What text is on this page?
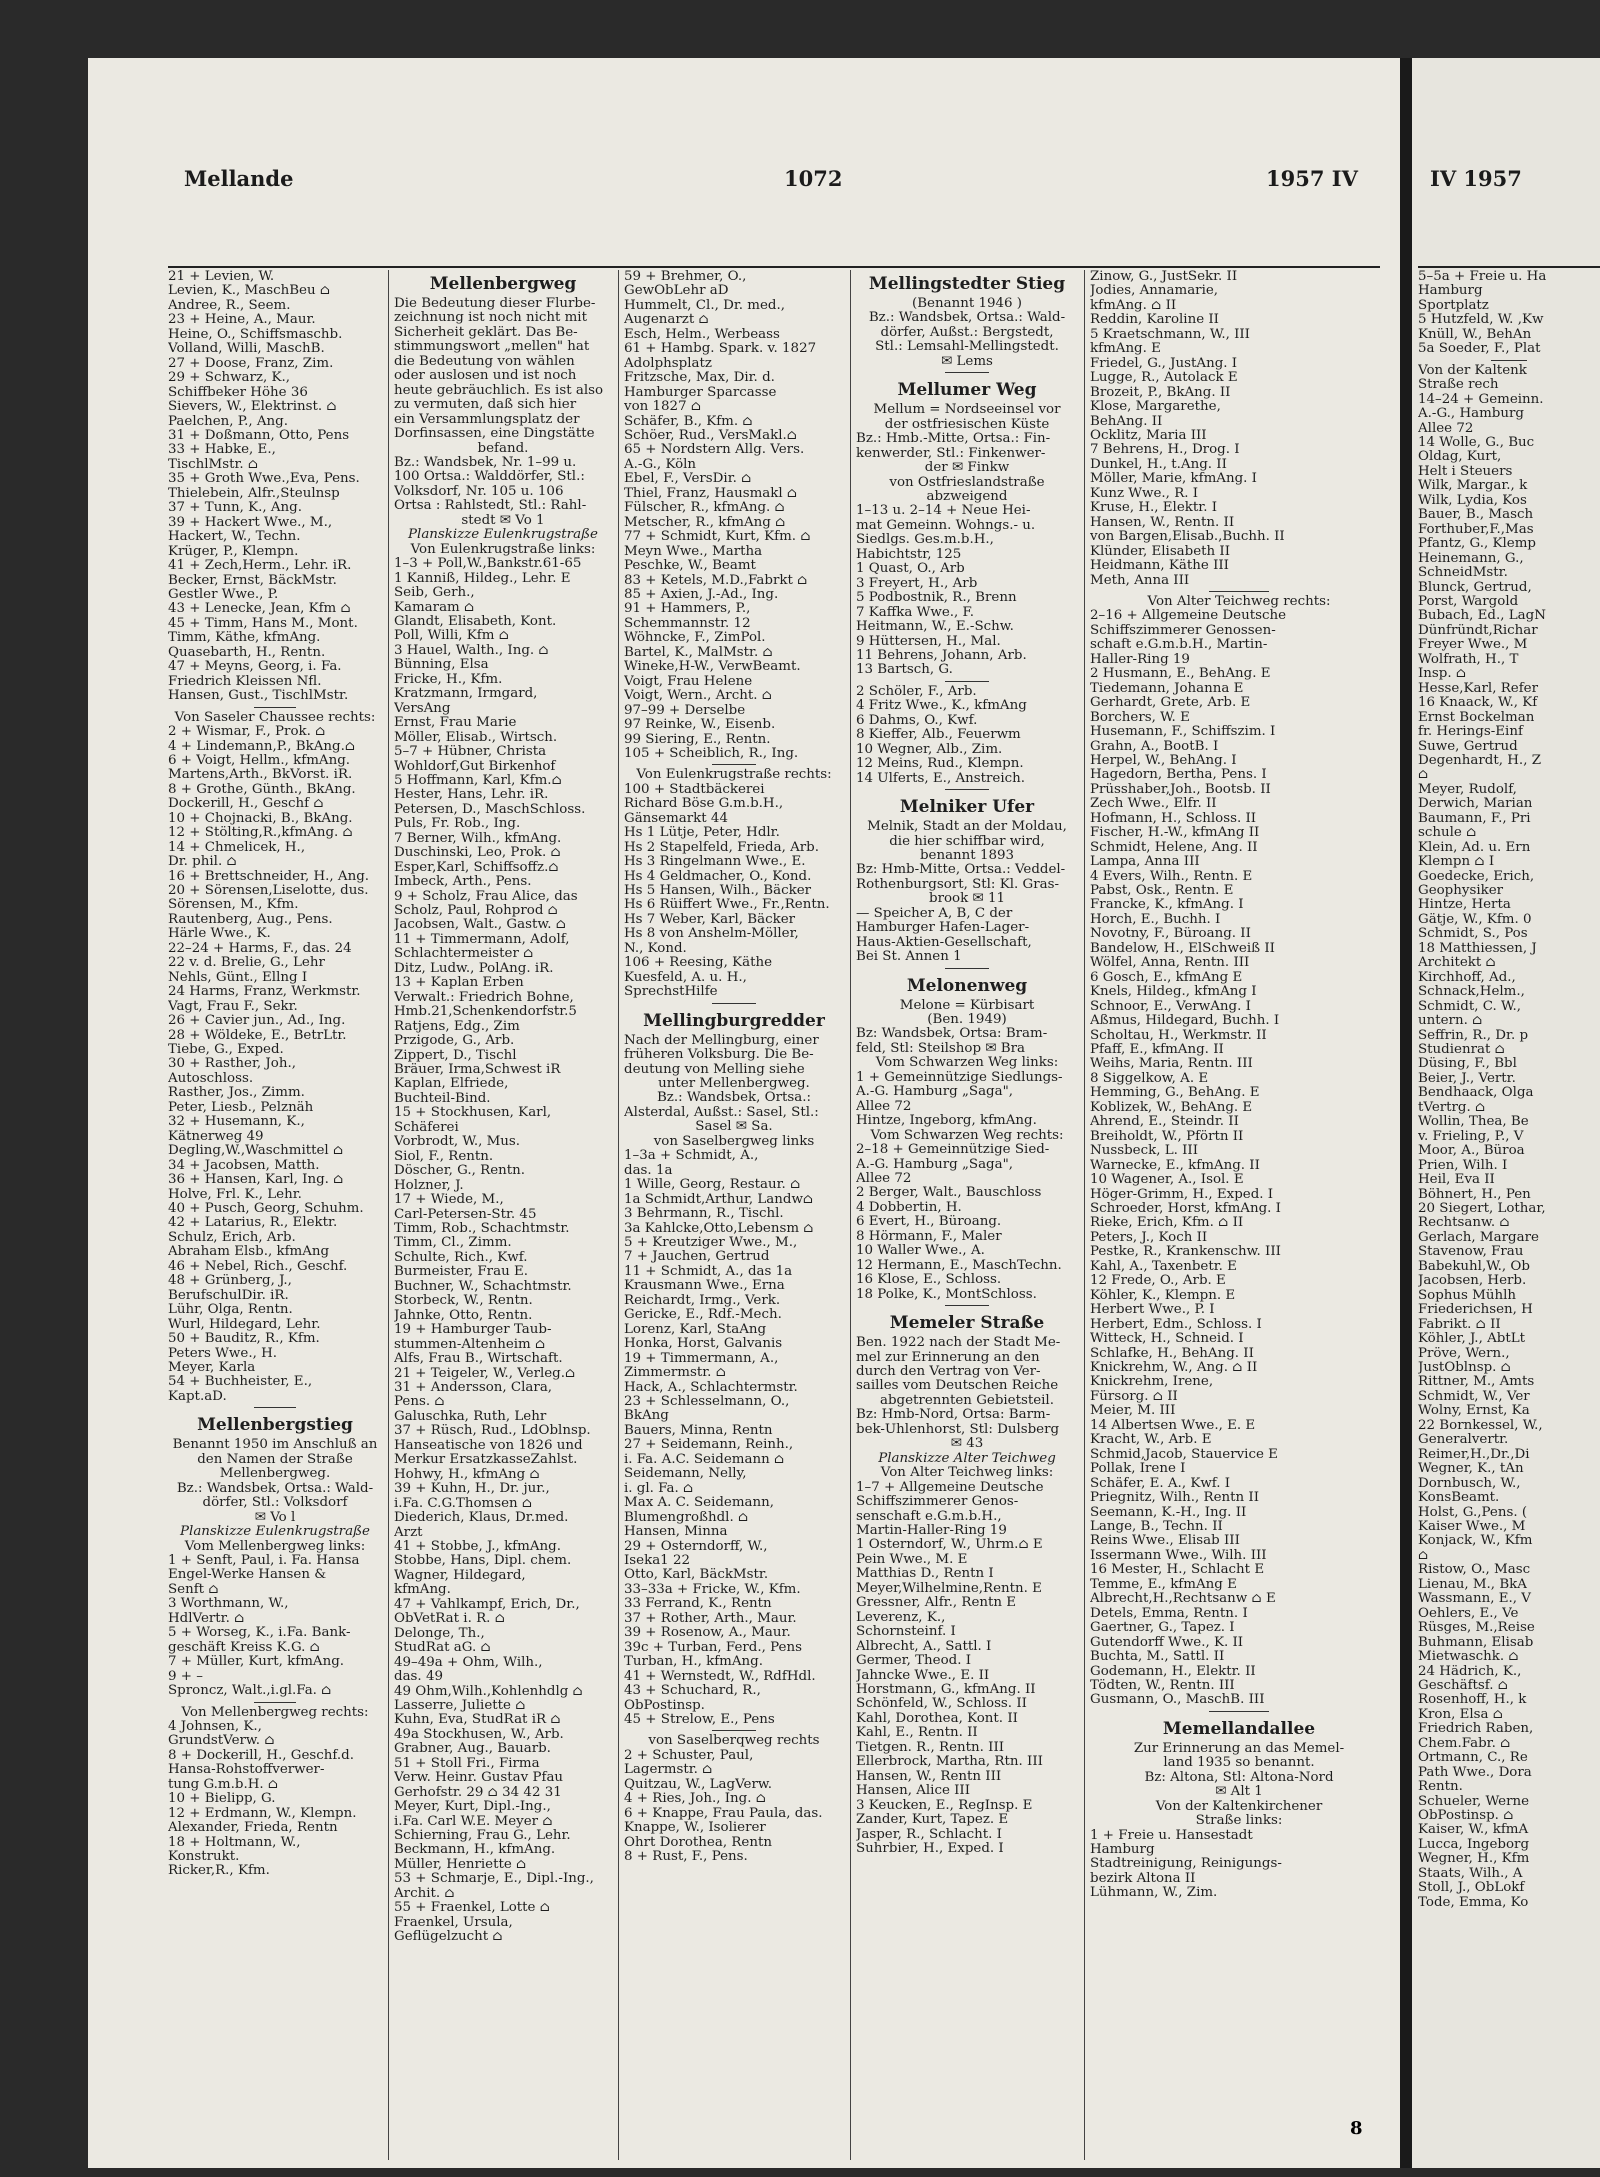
Mellande	1072	1957 IV
21 + Levien, W.
Levien, K., MaschBeu ⌂
Andree, R., Seem.
23 + Heine, A., Maur.
Heine, O., Schiffsmaschb.
Volland, Willi, MaschB.
27 + Doose, Franz, Zim.
29 + Schwarz, K.,
Schiffbeker Höhe 36
Sievers, W., Elektrinst. ⌂
Paelchen, P., Ang.
31 + Doßmann, Otto, Pens
33 + Habke, E.,
TischlMstr. ⌂
35 + Groth Wwe.,Eva, Pens.
Thielebein, Alfr.,Steulnsp
37 + Tunn, K., Ang.
39 + Hackert Wwe., M.,
Hackert, W., Techn.
Krüger, P., Klempn.
41 + Zech,Herm., Lehr. iR.
Becker, Ernst, BäckMstr.
Gestler Wwe., P.
43 + Lenecke, Jean, Kfm ⌂
45 + Timm, Hans M., Mont.
Timm, Käthe, kfmAng.
Quasebarth, H., Rentn.
47 + Meyns, Georg, i. Fa.
Friedrich Kleissen Nfl.
Hansen, Gust., TischlMstr.
Von Saseler Chaussee rechts:
2 + Wismar, F., Prok. ⌂
4 + Lindemann,P., BkAng.⌂
6 + Voigt, Hellm., kfmAng.
Martens,Arth., BkVorst. iR.
8 + Grothe, Günth., BkAng.
Dockerill, H., Geschf ⌂
10 + Chojnacki, B., BkAng.
12 + Stölting,R.,kfmAng. ⌂
14 + Chmelicek, H.,
Dr. phil. ⌂
16 + Brettschneider, H., Ang.
20 + Sörensen,Liselotte, dus.
Sörensen, M., Kfm.
Rautenberg, Aug., Pens.
Härle Wwe., K.
22–24 + Harms, F., das. 24
22 v. d. Brelie, G., Lehr
Nehls, Günt., Ellng I
24 Harms, Franz, Werkmstr.
Vagt, Frau F., Sekr.
26 + Cavier jun., Ad., Ing.
28 + Wöldeke, E., BetrLtr.
Tiebe, G., Exped.
30 + Rasther, Joh.,
Autoschloss.
Rasther, Jos., Zimm.
Peter, Liesb., Pelznäh
32 + Husemann, K.,
Kätnerweg 49
Degling,W.,Waschmittel ⌂
34 + Jacobsen, Matth.
36 + Hansen, Karl, Ing. ⌂
Holve, Frl. K., Lehr.
40 + Pusch, Georg, Schuhm.
42 + Latarius, R., Elektr.
Schulz, Erich, Arb.
Abraham Elsb., kfmAng
46 + Nebel, Rich., Geschf.
48 + Grünberg, J.,
BerufschulDir. iR.
Lühr, Olga, Rentn.
Wurl, Hildegard, Lehr.
50 + Bauditz, R., Kfm.
Peters Wwe., H.
Meyer, Karla
54 + Buchheister, E.,
Kapt.aD.
Mellenbergstieg
Benannt 1950 im Anschluß an
den Namen der Straße
Mellenbergweg.
Bz.: Wandsbek, Ortsa.: Wald-
dörfer, Stl.: Volksdorf
✉ Vo l
Planskizze Eulenkrugstraße
Vom Mellenbergweg links:
1 + Senft, Paul, i. Fa. Hansa
Engel-Werke Hansen &
Senft ⌂
3 Worthmann, W.,
HdlVertr. ⌂
5 + Worseg, K., i.Fa. Bank-
geschäft Kreiss K.G. ⌂
7 + Müller, Kurt, kfmAng.
9 + –
Sproncz, Walt.,i.gl.Fa. ⌂
Von Mellenbergweg rechts:
4 Johnsen, K.,
GrundstVerw. ⌂
8 + Dockerill, H., Geschf.d.
Hansa-Rohstoffverwer-
tung G.m.b.H. ⌂
10 + Bielipp, G.
12 + Erdmann, W., Klempn.
Alexander, Frieda, Rentn
18 + Holtmann, W.,
Konstrukt.
Ricker,R., Kfm.
Mellenbergweg
Die Bedeutung dieser Flurbe-
zeichnung ist noch nicht mit
Sicherheit geklärt. Das Be-
stimmungswort „mellen" hat
die Bedeutung von wählen
oder auslosen und ist noch
heute gebräuchlich. Es ist also
zu vermuten, daß sich hier
ein Versammlungsplatz der
Dorfinsassen, eine Dingstätte
befand.
Bz.: Wandsbek, Nr. 1–99 u.
100 Ortsa.: Walddörfer, Stl.:
Volksdorf, Nr. 105 u. 106
Ortsa : Rahlstedt, Stl.: Rahl-
stedt ✉ Vo 1
Planskizze Eulenkrugstraße
Von Eulenkrugstraße links:
1–3 + Poll,W.,Bankstr.61-65
1 Kanniß, Hildeg., Lehr. E
Seib, Gerh.,
Kamaram ⌂
Glandt, Elisabeth, Kont.
Poll, Willi, Kfm ⌂
3 Hauel, Walth., Ing. ⌂
Bünning, Elsa
Fricke, H., Kfm.
Kratzmann, Irmgard,
VersAng
Ernst, Frau Marie
Möller, Elisab., Wirtsch.
5–7 + Hübner, Christa
Wohldorf,Gut Birkenhof
5 Hoffmann, Karl, Kfm.⌂
Hester, Hans, Lehr. iR.
Petersen, D., MaschSchloss.
Puls, Fr. Rob., Ing.
7 Berner, Wilh., kfmAng.
Duschinski, Leo, Prok. ⌂
Esper,Karl, Schiffsoffz.⌂
Imbeck, Arth., Pens.
9 + Scholz, Frau Alice, das
Scholz, Paul, Rohprod ⌂
Jacobsen, Walt., Gastw. ⌂
11 + Timmermann, Adolf,
Schlachtermeister ⌂
Ditz, Ludw., PolAng. iR.
13 + Kaplan Erben
Verwalt.: Friedrich Bohne,
Hmb.21,Schenkendorfstr.5
Ratjens, Edg., Zim
Przigode, G., Arb.
Zippert, D., Tischl
Bräuer, Irma,Schwest iR
Kaplan, Elfriede,
Buchteil-Bind.
15 + Stockhusen, Karl,
Schäferei
Vorbrodt, W., Mus.
Siol, F., Rentn.
Döscher, G., Rentn.
Holzner, J.
17 + Wiede, M.,
Carl-Petersen-Str. 45
Timm, Rob., Schachtmstr.
Timm, Cl., Zimm.
Schulte, Rich., Kwf.
Burmeister, Frau E.
Buchner, W., Schachtmstr.
Storbeck, W., Rentn.
Jahnke, Otto, Rentn.
19 + Hamburger Taub-
stummen-Altenheim ⌂
Alfs, Frau B., Wirtschaft.
21 + Teigeler, W., Verleg.⌂
31 + Andersson, Clara,
Pens. ⌂
Galuschka, Ruth, Lehr
37 + Rüsch, Rud., LdOblnsp.
Hanseatische von 1826 und
Merkur ErsatzkasseZahlst.
Hohwy, H., kfmAng ⌂
39 + Kuhn, H., Dr. jur.,
i.Fa. C.G.Thomsen ⌂
Diederich, Klaus, Dr.med.
Arzt
41 + Stobbe, J., kfmAng.
Stobbe, Hans, Dipl. chem.
Wagner, Hildegard,
kfmAng.
47 + Vahlkampf, Erich, Dr.,
ObVetRat i. R. ⌂
Delonge, Th.,
StudRat aG. ⌂
49–49a + Ohm, Wilh.,
das. 49
49 Ohm,Wilh.,Kohlenhdlg ⌂
Lasserre, Juliette ⌂
Kuhn, Eva, StudRat iR ⌂
49a Stockhusen, W., Arb.
Grabner, Aug., Bauarb.
51 + Stoll Fri., Firma
Verw. Heinr. Gustav Pfau
Gerhofstr. 29 ⌂ 34 42 31
Meyer, Kurt, Dipl.-Ing.,
i.Fa. Carl W.E. Meyer ⌂
Schierning, Frau G., Lehr.
Beckmann, H., kfmAng.
Müller, Henriette ⌂
53 + Schmarje, E., Dipl.-Ing.,
Archit. ⌂
55 + Fraenkel, Lotte ⌂
Fraenkel, Ursula,
Geflügelzucht ⌂
59 + Brehmer, O.,
GewObLehr aD
Hummelt, Cl., Dr. med.,
Augenarzt ⌂
Esch, Helm., Werbeass
61 + Hambg. Spark. v. 1827
Adolphsplatz
Fritzsche, Max, Dir. d.
Hamburger Sparcasse
von 1827 ⌂
Schäfer, B., Kfm. ⌂
Schöer, Rud., VersMakl.⌂
65 + Nordstern Allg. Vers.
A.-G., Köln
Ebel, F., VersDir. ⌂
Thiel, Franz, Hausmakl ⌂
Fülscher, R., kfmAng. ⌂
Metscher, R., kfmAng ⌂
77 + Schmidt, Kurt, Kfm. ⌂
Meyn Wwe., Martha
Peschke, W., Beamt
83 + Ketels, M.D.,Fabrkt ⌂
85 + Axien, J.-Ad., Ing.
91 + Hammers, P.,
Schemmannstr. 12
Wöhncke, F., ZimPol.
Bartel, K., MalMstr. ⌂
Wineke,H-W., VerwBeamt.
Voigt, Frau Helene
Voigt, Wern., Archt. ⌂
97–99 + Derselbe
97 Reinke, W., Eisenb.
99 Siering, E., Rentn.
105 + Scheiblich, R., Ing.
Von Eulenkrugstraße rechts:
100 + Stadtbäckerei
Richard Böse G.m.b.H.,
Gänsemarkt 44
Hs 1 Lütje, Peter, Hdlr.
Hs 2 Stapelfeld, Frieda, Arb.
Hs 3 Ringelmann Wwe., E.
Hs 4 Geldmacher, O., Kond.
Hs 5 Hansen, Wilh., Bäcker
Hs 6 Rüiffert Wwe., Fr.,Rentn.
Hs 7 Weber, Karl, Bäcker
Hs 8 von Anshelm-Möller,
N., Kond.
106 + Reesing, Käthe
Kuesfeld, A. u. H.,
SprechstHilfe
Mellingburgredder
Nach der Mellingburg, einer
früheren Volksburg. Die Be-
deutung von Melling siehe
unter Mellenbergweg.
Bz.: Wandsbek, Ortsa.:
Alsterdal, Außst.: Sasel, Stl.:
Sasel ✉ Sa.
von Saselbergweg links
1–3a + Schmidt, A.,
das. 1a
1 Wille, Georg, Restaur. ⌂
1a Schmidt,Arthur, Landw⌂
3 Behrmann, R., Tischl.
3a Kahlcke,Otto,Lebensm ⌂
5 + Kreutziger Wwe., M.,
7 + Jauchen, Gertrud
11 + Schmidt, A., das 1a
Krausmann Wwe., Erna
Reichardt, Irmg., Verk.
Gericke, E., Rdf.-Mech.
Lorenz, Karl, StaAng
Honka, Horst, Galvanis
19 + Timmermann, A.,
Zimmermstr. ⌂
Hack, A., Schlachtermstr.
23 + Schlesselmann, O.,
BkAng
Bauers, Minna, Rentn
27 + Seidemann, Reinh.,
i. Fa. A.C. Seidemann ⌂
Seidemann, Nelly,
i. gl. Fa. ⌂
Max A. C. Seidemann,
Blumengroßhdl. ⌂
Hansen, Minna
29 + Osterndorff, W.,
Iseka1 22
Otto, Karl, BäckMstr.
33–33a + Fricke, W., Kfm.
33 Ferrand, K., Rentn
37 + Rother, Arth., Maur.
39 + Rosenow, A., Maur.
39c + Turban, Ferd., Pens
Turban, H., kfmAng.
41 + Wernstedt, W., RdfHdl.
43 + Schuchard, R.,
ObPostinsp.
45 + Strelow, E., Pens
von Saselberqweg rechts
2 + Schuster, Paul,
Lagermstr. ⌂
Quitzau, W., LagVerw.
4 + Ries, Joh., Ing. ⌂
6 + Knappe, Frau Paula, das.
Knappe, W., Isolierer
Ohrt Dorothea, Rentn
8 + Rust, F., Pens.
Mellingstedter Stieg
(Benannt 1946 )
Bz.: Wandsbek, Ortsa.: Wald-
dörfer, Außst.: Bergstedt,
Stl.: Lemsahl-Mellingstedt.
✉ Lems
Mellumer Weg
Mellum = Nordseeinsel vor
der ostfriesischen Küste
Bz.: Hmb.-Mitte, Ortsa.: Fin-
kenwerder, Stl.: Finkenwer-
der ✉ Finkw
von Ostfrieslandstraße
abzweigend
1–13 u. 2–14 + Neue Hei-
mat Gemeinn. Wohngs.- u.
Siedlgs. Ges.m.b.H.,
Habichtstr, 125
1 Quast, O., Arb
3 Freyert, H., Arb
5 Podbostnik, R., Brenn
7 Kaffka Wwe., F.
Heitmann, W., E.-Schw.
9 Hüttersen, H., Mal.
11 Behrens, Johann, Arb.
13 Bartsch, G.
2 Schöler, F., Arb.
4 Fritz Wwe., K., kfmAng
6 Dahms, O., Kwf.
8 Kieffer, Alb., Feuerwm
10 Wegner, Alb., Zim.
12 Meins, Rud., Klempn.
14 Ulferts, E., Anstreich.
Melniker Ufer
Melnik, Stadt an der Moldau,
die hier schiffbar wird,
benannt 1893
Bz: Hmb-Mitte, Ortsa.: Veddel-
Rothenburgsort, Stl: Kl. Gras-
brook ✉ 11
— Speicher A, B, C der
Hamburger Hafen-Lager-
Haus-Aktien-Gesellschaft,
Bei St. Annen 1
Melonenweg
Melone = Kürbisart
(Ben. 1949)
Bz: Wandsbek, Ortsa: Bram-
feld, Stl: Steilshop ✉ Bra
Vom Schwarzen Weg links:
1 + Gemeinnützige Siedlungs-
A.-G. Hamburg „Saga",
Allee 72
Hintze, Ingeborg, kfmAng.
Vom Schwarzen Weg rechts:
2–18 + Gemeinnützige Sied-
A.-G. Hamburg „Saga",
Allee 72
2 Berger, Walt., Bauschloss
4 Dobbertin, H.
6 Evert, H., Büroang.
8 Hörmann, F., Maler
10 Waller Wwe., A.
12 Hermann, E., MaschTechn.
16 Klose, E., Schloss.
18 Polke, K., MontSchloss.
Memeler Straße
Ben. 1922 nach der Stadt Me-
mel zur Erinnerung an den
durch den Vertrag von Ver-
sailles vom Deutschen Reiche
abgetrennten Gebietsteil.
Bz: Hmb-Nord, Ortsa: Barm-
bek-Uhlenhorst, Stl: Dulsberg
✉ 43
Planskizze Alter Teichweg
Von Alter Teichweg links:
1–7 + Allgemeine Deutsche
Schiffszimmerer Genos-
senschaft e.G.m.b.H.,
Martin-Haller-Ring 19
1 Osterndorf, W., Uhrm.⌂ E
Pein Wwe., M. E
Matthias D., Rentn I
Meyer,Wilhelmine,Rentn. E
Gressner, Alfr., Rentn E
Leverenz, K.,
Schornsteinf. I
Albrecht, A., Sattl. I
Germer, Theod. I
Jahncke Wwe., E. II
Horstmann, G., kfmAng. II
Schönfeld, W., Schloss. II
Kahl, Dorothea, Kont. II
Kahl, E., Rentn. II
Tietgen. R., Rentn. III
Ellerbrock, Martha, Rtn. III
Hansen, W., Rentn III
Hansen, Alice III
3 Keucken, E., RegInsp. E
Zander, Kurt, Tapez. E
Jasper, R., Schlacht. I
Suhrbier, H., Exped. I
Zinow, G., JustSekr. II
Jodies, Annamarie,
kfmAng. ⌂ II
Reddin, Karoline II
5 Kraetschmann, W., III
kfmAng. E
Friedel, G., JustAng. I
Lugge, R., Autolack E
Brozeit, P., BkAng. II
Klose, Margarethe,
BehAng. II
Ocklitz, Maria III
7 Behrens, H., Drog. I
Dunkel, H., t.Ang. II
Möller, Marie, kfmAng. I
Kunz Wwe., R. I
Kruse, H., Elektr. I
Hansen, W., Rentn. II
von Bargen,Elisab.,Buchh. II
Klünder, Elisabeth II
Heidmann, Käthe III
Meth, Anna III
Von Alter Teichweg rechts:
2–16 + Allgemeine Deutsche
Schiffszimmerer Genossen-
schaft e.G.m.b.H., Martin-
Haller-Ring 19
2 Husmann, E., BehAng. E
Tiedemann, Johanna E
Gerhardt, Grete, Arb. E
Borchers, W. E
Husemann, F., Schiffszim. I
Grahn, A., BootB. I
Herpel, W., BehAng. I
Hagedorn, Bertha, Pens. I
Prüsshaber,Joh., Bootsb. II
Zech Wwe., Elfr. II
Hofmann, H., Schloss. II
Fischer, H.-W., kfmAng II
Schmidt, Helene, Ang. II
Lampa, Anna III
4 Evers, Wilh., Rentn. E
Pabst, Osk., Rentn. E
Francke, K., kfmAng. I
Horch, E., Buchh. I
Novotny, F., Büroang. II
Bandelow, H., ElSchweiß II
Wölfel, Anna, Rentn. III
6 Gosch, E., kfmAng E
Knels, Hildeg., kfmAng I
Schnoor, E., VerwAng. I
Aßmus, Hildegard, Buchh. I
Scholtau, H., Werkmstr. II
Pfaff, E., kfmAng. II
Weihs, Maria, Rentn. III
8 Siggelkow, A. E
Hemming, G., BehAng. E
Koblizek, W., BehAng. E
Ahrend, E., Steindr. II
Breiholdt, W., Pförtn II
Nussbeck, L. III
Warnecke, E., kfmAng. II
10 Wagener, A., Isol. E
Höger-Grimm, H., Exped. I
Schroeder, Horst, kfmAng. I
Rieke, Erich, Kfm. ⌂ II
Peters, J., Koch II
Pestke, R., Krankenschw. III
Kahl, A., Taxenbetr. E
12 Frede, O., Arb. E
Köhler, K., Klempn. E
Herbert Wwe., P. I
Herbert, Edm., Schloss. I
Witteck, H., Schneid. I
Schlafke, H., BehAng. II
Knickrehm, W., Ang. ⌂ II
Knickrehm, Irene,
Fürsorg. ⌂ II
Meier, M. III
14 Albertsen Wwe., E. E
Kracht, W., Arb. E
Schmid,Jacob, Stauervice E
Pollak, Irene I
Schäfer, E. A., Kwf. I
Priegnitz, Wilh., Rentn II
Seemann, K.-H., Ing. II
Lange, B., Techn. II
Reins Wwe., Elisab III
Issermann Wwe., Wilh. III
16 Mester, H., Schlacht E
Temme, E., kfmAng E
Albrecht,H.,Rechtsanw ⌂ E
Detels, Emma, Rentn. I
Gaertner, G., Tapez. I
Gutendorff Wwe., K. II
Buchta, M., Sattl. II
Godemann, H., Elektr. II
Tödten, W., Rentn. III
Gusmann, O., MaschB. III
Memellandallee
Zur Erinnerung an das Memel-
land 1935 so benannt.
Bz: Altona, Stl: Altona-Nord
✉ Alt 1
Von der Kaltenkirchener
Straße links:
1 + Freie u. Hansestadt
Hamburg
Stadtreinigung, Reinigungs-
bezirk Altona II
Lühmann, W., Zim.
8
IV 1957
5–5a + Freie u. Ha
Hamburg
Sportplatz
5 Hutzfeld, W. ,Kw
Knüll, W., BehAn
5a Soeder, F., Plat
Von der Kaltenk
Straße rech
14–24 + Gemeinn.
A.-G., Hamburg
Allee 72
14 Wolle, G., Buc
Oldag, Kurt,
Helt i Steuers
Wilk, Margar., k
Wilk, Lydia, Kos
Bauer, B., Masch
Forthuber,F.,Mas
Pfantz, G., Klemp
Heinemann, G.,
SchneidMstr.
Blunck, Gertrud,
Porst, Wargold
Bubach, Ed., LagN
Dünfründt,Richar
Freyer Wwe., M
Wolfrath, H., T
Insp. ⌂
Hesse,Karl, Refer
16 Knaack, W., Kf
Ernst Bockelman
fr. Herings-Einf
Suwe, Gertrud
Degenhardt, H., Z
⌂
Meyer, Rudolf,
Derwich, Marian
Baumann, F., Pri
schule ⌂
Klein, Ad. u. Ern
Klempn ⌂ I
Goedecke, Erich,
Geophysiker
Hintze, Herta
Gätje, W., Kfm. 0
Schmidt, S., Pos
18 Matthiessen, J
Architekt ⌂
Kirchhoff, Ad.,
Schnack,Helm.,
Schmidt, C. W.,
untern. ⌂
Seffrin, R., Dr. p
Studienrat ⌂
Düsing, F., Bbl
Beier, J., Vertr.
Bendhaack, Olga
tVertrg. ⌂
Wollin, Thea, Be
v. Frieling, P., V
Moor, A., Büroa
Prien, Wilh. I
Heil, Eva II
Böhnert, H., Pen
20 Siegert, Lothar,
Rechtsanw. ⌂
Gerlach, Margare
Stavenow, Frau
Babekuhl,W., Ob
Jacobsen, Herb.
Sophus Mühlh
Friederichsen, H
Fabrikt. ⌂ II
Köhler, J., AbtLt
Pröve, Wern.,
JustOblnsp. ⌂
Rittner, M., Amts
Schmidt, W., Ver
Wolny, Ernst, Ka
22 Bornkessel, W.,
Generalvertr.
Reimer,H.,Dr.,Di
Wegner, K., tAn
Dornbusch, W.,
KonsBeamt.
Holst, G.,Pens. (
Kaiser Wwe., M
Konjack, W., Kfm
⌂
Ristow, O., Masc
Lienau, M., BkA
Wassmann, E., V
Oehlers, E., Ve
Rüsges, M.,Reise
Buhmann, Elisab
Mietwaschk. ⌂
24 Hädrich, K.,
Geschäftsf. ⌂
Rosenhoff, H., k
Kron, Elsa ⌂
Friedrich Raben,
Chem.Fabr. ⌂
Ortmann, C., Re
Path Wwe., Dora
Rentn.
Schueler, Werne
ObPostinsp. ⌂
Kaiser, W., kfmA
Lucca, Ingeborg
Wegner, H., Kfm
Staats, Wilh., A
Stoll, J., ObLokf
Tode, Emma, Ko
